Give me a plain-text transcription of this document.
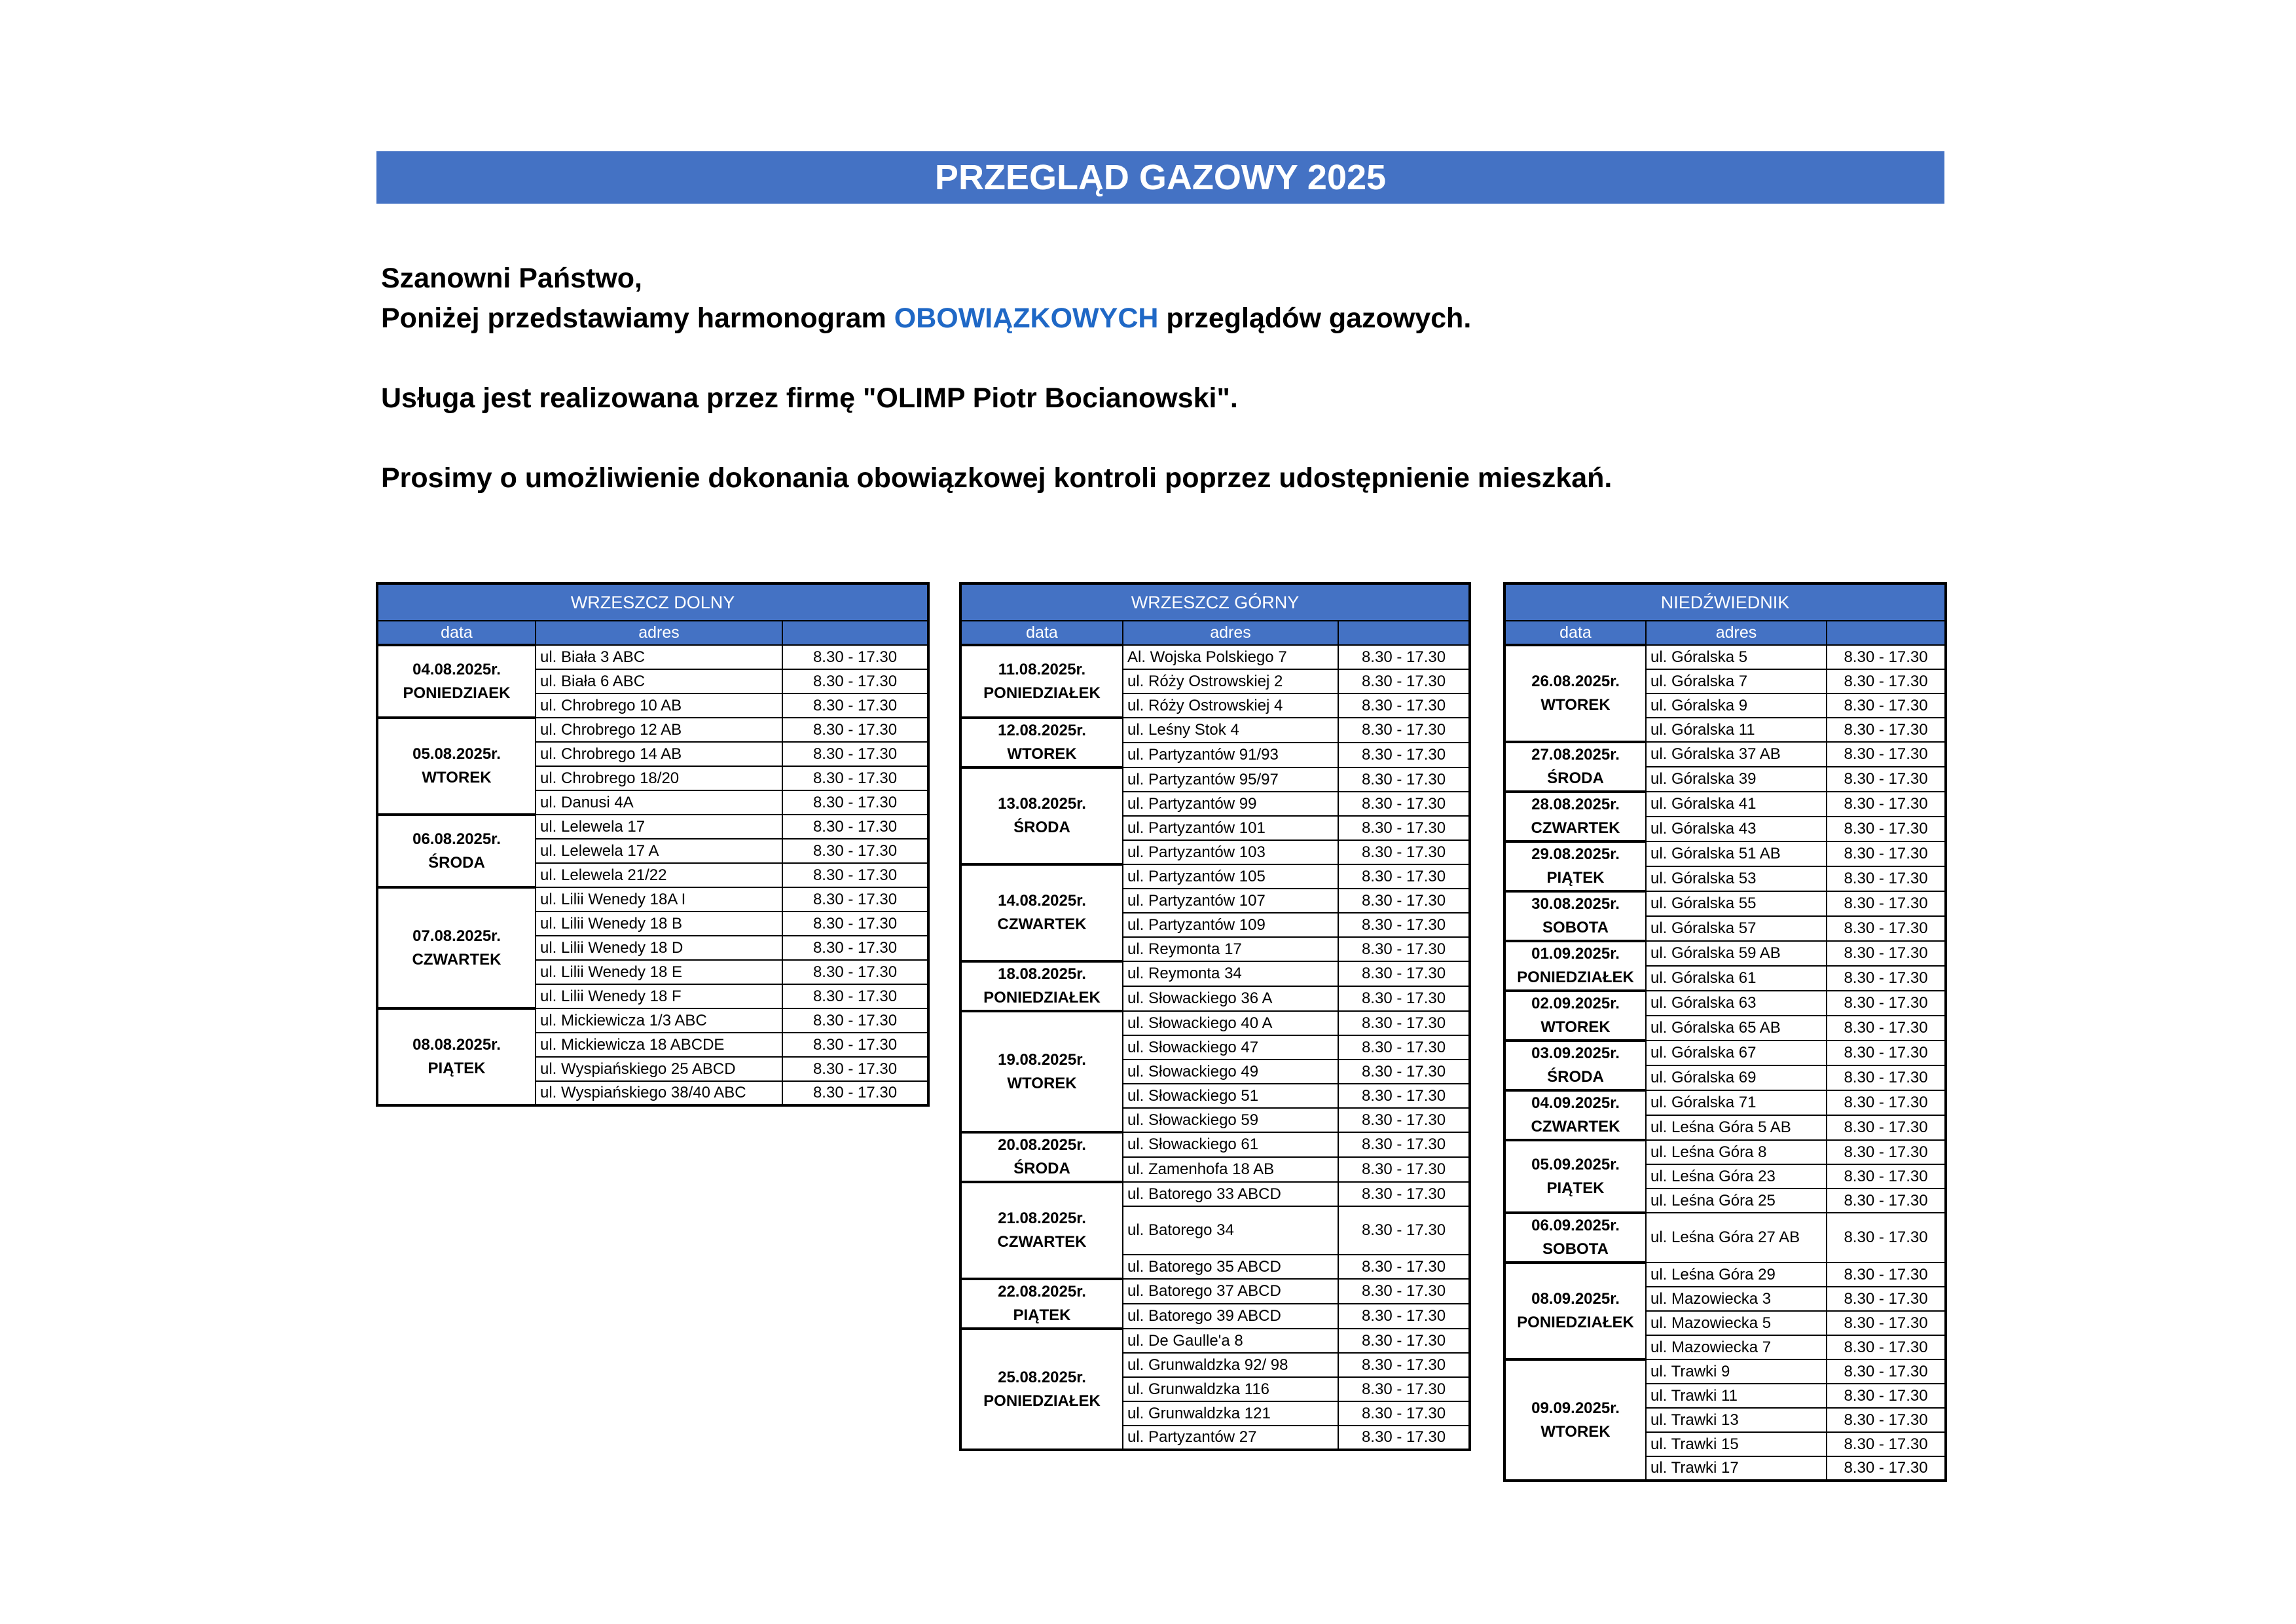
PRZEGLĄD GAZOWY 2025

Szanowni Państwo,

Poniżej przedstawiamy harmonogram OBOWIĄZKOWYCH przeglądów gazowych.

Usługa jest realizowana przez firmę "OLIMP Piotr Bocianowski".

Prosimy o umożliwienie dokonania obowiązkowej kontroli poprzez udostępnienie mieszkań.

WRZESZCZ DOLNY		
data	adres	
04.08.2025r.
PONIEDZIAEK	ul. Biała 3 ABC	8.30 - 17.30
	ul. Biała 6 ABC	8.30 - 17.30
	ul. Chrobrego 10 AB	8.30 - 17.30
05.08.2025r.
WTOREK	ul. Chrobrego 12 AB	8.30 - 17.30
	ul. Chrobrego 14 AB	8.30 - 17.30
	ul. Chrobrego 18/20	8.30 - 17.30
	ul. Danusi 4A	8.30 - 17.30
06.08.2025r.
ŚRODA	ul. Lelewela 17	8.30 - 17.30
	ul. Lelewela 17 A	8.30 - 17.30
	ul. Lelewela 21/22	8.30 - 17.30
07.08.2025r.
CZWARTEK	ul. Lilii Wenedy 18A I	8.30 - 17.30
	ul. Lilii Wenedy 18 B	8.30 - 17.30
	ul. Lilii Wenedy 18 D	8.30 - 17.30
	ul. Lilii Wenedy 18 E	8.30 - 17.30
	ul. Lilii Wenedy 18 F	8.30 - 17.30
08.08.2025r.
PIĄTEK	ul. Mickiewicza 1/3 ABC	8.30 - 17.30
	ul. Mickiewicza 18 ABCDE	8.30 - 17.30
	ul. Wyspiańskiego 25 ABCD	8.30 - 17.30
	ul. Wyspiańskiego 38/40 ABC	8.30 - 17.30
WRZESZCZ GÓRNY		
data	adres	
11.08.2025r.
PONIEDZIAŁEK	Al. Wojska Polskiego 7	8.30 - 17.30
	ul. Róży Ostrowskiej 2	8.30 - 17.30
	ul. Róży Ostrowskiej 4	8.30 - 17.30
12.08.2025r.
WTOREK	ul. Leśny Stok 4	8.30 - 17.30
	ul. Partyzantów 91/93	8.30 - 17.30
13.08.2025r.
ŚRODA	ul. Partyzantów 95/97	8.30 - 17.30
	ul. Partyzantów 99	8.30 - 17.30
	ul. Partyzantów 101	8.30 - 17.30
	ul. Partyzantów 103	8.30 - 17.30
14.08.2025r.
CZWARTEK	ul. Partyzantów 105	8.30 - 17.30
	ul. Partyzantów 107	8.30 - 17.30
	ul. Partyzantów 109	8.30 - 17.30
	ul. Reymonta 17	8.30 - 17.30
18.08.2025r.
PONIEDZIAŁEK	ul. Reymonta 34	8.30 - 17.30
	ul. Słowackiego 36 A	8.30 - 17.30
19.08.2025r.
WTOREK	ul. Słowackiego 40 A	8.30 - 17.30
	ul. Słowackiego 47	8.30 - 17.30
	ul. Słowackiego 49	8.30 - 17.30
	ul. Słowackiego 51	8.30 - 17.30
	ul. Słowackiego 59	8.30 - 17.30
20.08.2025r.
ŚRODA	ul. Słowackiego 61	8.30 - 17.30
	ul. Zamenhofa 18 AB	8.30 - 17.30
21.08.2025r.
CZWARTEK	ul. Batorego 33 ABCD	8.30 - 17.30
	ul. Batorego 34	8.30 - 17.30
	ul. Batorego 35 ABCD	8.30 - 17.30
22.08.2025r.
PIĄTEK	ul. Batorego 37 ABCD	8.30 - 17.30
	ul. Batorego 39 ABCD	8.30 - 17.30
25.08.2025r.
PONIEDZIAŁEK	ul. De Gaulle'a 8	8.30 - 17.30
	ul. Grunwaldzka 92/ 98	8.30 - 17.30
	ul. Grunwaldzka 116	8.30 - 17.30
	ul. Grunwaldzka 121	8.30 - 17.30
	ul. Partyzantów 27	8.30 - 17.30
NIEDŹWIEDNIK		
data	adres	
26.08.2025r.
WTOREK	ul. Góralska 5	8.30 - 17.30
	ul. Góralska 7	8.30 - 17.30
	ul. Góralska 9	8.30 - 17.30
	ul. Góralska 11	8.30 - 17.30
27.08.2025r.
ŚRODA	ul. Góralska 37 AB	8.30 - 17.30
	ul. Góralska 39	8.30 - 17.30
28.08.2025r.
CZWARTEK	ul. Góralska 41	8.30 - 17.30
	ul. Góralska 43	8.30 - 17.30
29.08.2025r.
PIĄTEK	ul. Góralska 51 AB	8.30 - 17.30
	ul. Góralska 53	8.30 - 17.30
30.08.2025r.
SOBOTA	ul. Góralska 55	8.30 - 17.30
	ul. Góralska 57	8.30 - 17.30
01.09.2025r.
PONIEDZIAŁEK	ul. Góralska 59 AB	8.30 - 17.30
	ul. Góralska 61	8.30 - 17.30
02.09.2025r.
WTOREK	ul. Góralska 63	8.30 - 17.30
	ul. Góralska 65 AB	8.30 - 17.30
03.09.2025r.
ŚRODA	ul. Góralska 67	8.30 - 17.30
	ul. Góralska 69	8.30 - 17.30
04.09.2025r.
CZWARTEK	ul. Góralska 71	8.30 - 17.30
	ul. Leśna Góra 5 AB	8.30 - 17.30
05.09.2025r.
PIĄTEK	ul. Leśna Góra 8	8.30 - 17.30
	ul. Leśna Góra 23	8.30 - 17.30
	ul. Leśna Góra 25	8.30 - 17.30
06.09.2025r.
SOBOTA	ul. Leśna Góra 27 AB	8.30 - 17.30
08.09.2025r.
PONIEDZIAŁEK	ul. Leśna Góra 29	8.30 - 17.30
	ul. Mazowiecka 3	8.30 - 17.30
	ul. Mazowiecka 5	8.30 - 17.30
	ul. Mazowiecka 7	8.30 - 17.30
09.09.2025r.
WTOREK	ul. Trawki 9	8.30 - 17.30
	ul. Trawki 11	8.30 - 17.30
	ul. Trawki 13	8.30 - 17.30
	ul. Trawki 15	8.30 - 17.30
	ul. Trawki 17	8.30 - 17.30
